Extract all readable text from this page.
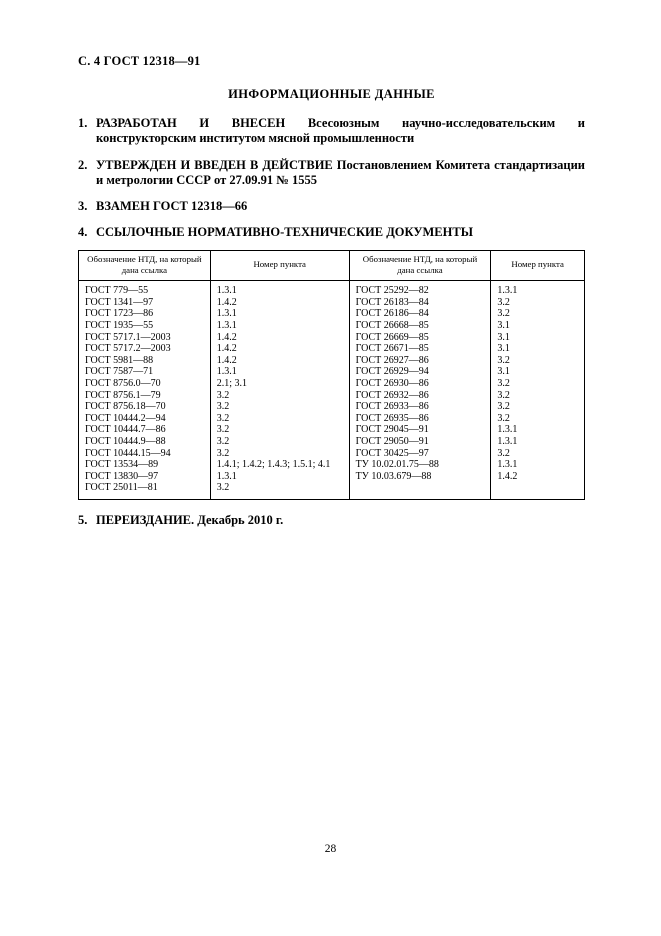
С. 4 ГОСТ 12318—91
ИНФОРМАЦИОННЫЕ ДАННЫЕ
1. РАЗРАБОТАН И ВНЕСЕН Всесоюзным научно-исследовательским и конструкторским институтом мясной промышленности
2. УТВЕРЖДЕН И ВВЕДЕН В ДЕЙСТВИЕ Постановлением Комитета стандартизации и метрологии СССР от 27.09.91 № 1555
3. ВЗАМЕН ГОСТ 12318—66
4. ССЫЛОЧНЫЕ НОРМАТИВНО-ТЕХНИЧЕСКИЕ ДОКУМЕНТЫ
Обозначение НТД, на который дана ссылка	Номер пункта	Обозначение НТД, на который дана ссылка	Номер пункта
ГОСТ 779—55	1.3.1	ГОСТ 25292—82	1.3.1
ГОСТ 1341—97	1.4.2	ГОСТ 26183—84	3.2
ГОСТ 1723—86	1.3.1	ГОСТ 26186—84	3.2
ГОСТ 1935—55	1.3.1	ГОСТ 26668—85	3.1
ГОСТ 5717.1—2003	1.4.2	ГОСТ 26669—85	3.1
ГОСТ 5717.2—2003	1.4.2	ГОСТ 26671—85	3.1
ГОСТ 5981—88	1.4.2	ГОСТ 26927—86	3.2
ГОСТ 7587—71	1.3.1	ГОСТ 26929—94	3.1
ГОСТ 8756.0—70	2.1; 3.1	ГОСТ 26930—86	3.2
ГОСТ 8756.1—79	3.2	ГОСТ 26932—86	3.2
ГОСТ 8756.18—70	3.2	ГОСТ 26933—86	3.2
ГОСТ 10444.2—94	3.2	ГОСТ 26935—86	3.2
ГОСТ 10444.7—86	3.2	ГОСТ 29045—91	1.3.1
ГОСТ 10444.9—88	3.2	ГОСТ 29050—91	1.3.1
ГОСТ 10444.15—94	3.2	ГОСТ 30425—97	3.2
ГОСТ 13534—89	1.4.1; 1.4.2; 1.4.3; 1.5.1; 4.1	ТУ 10.02.01.75—88	1.3.1
ГОСТ 13830—97	1.3.1	ТУ 10.03.679—88	1.4.2
ГОСТ 25011—81	3.2		
5. ПЕРЕИЗДАНИЕ. Декабрь 2010 г.
28
